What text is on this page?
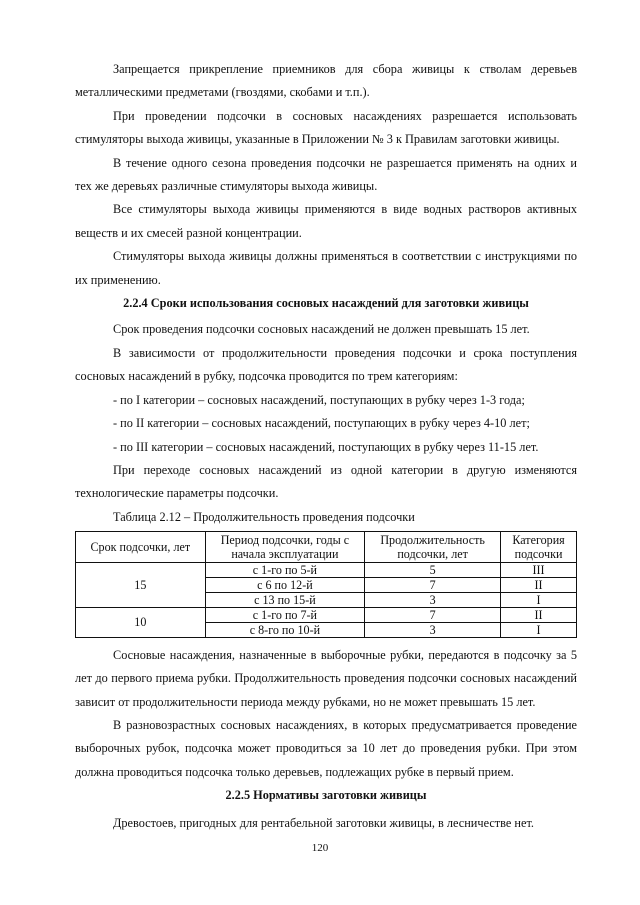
Запрещается прикрепление приемников для сбора живицы к стволам деревьев металлическими предметами (гвоздями, скобами и т.п.).

При проведении подсочки в сосновых насаждениях разрешается использовать стимуляторы выхода живицы, указанные в Приложении № 3 к Правилам заготовки живицы.

В течение одного сезона проведения подсочки не разрешается применять на одних и тех же деревьях различные стимуляторы выхода живицы.

Все стимуляторы выхода живицы применяются в виде водных растворов активных веществ и их смесей разной концентрации.

Стимуляторы выхода живицы должны применяться в соответствии с инструкциями по их применению.

2.2.4 Сроки использования сосновых насаждений для заготовки живицы

Срок проведения подсочки сосновых насаждений не должен превышать 15 лет.

В зависимости от продолжительности проведения подсочки и срока поступления сосновых насаждений в рубку, подсочка проводится по трем категориям:

- по I категории – сосновых насаждений, поступающих в рубку через 1-3 года;

- по II категории – сосновых насаждений, поступающих в рубку через 4-10 лет;

- по III категории – сосновых насаждений, поступающих в рубку через 11-15 лет.

При переходе сосновых насаждений из одной категории в другую изменяются технологические параметры подсочки.

Таблица 2.12 – Продолжительность проведения подсочки

Срок подсочки, лет	Период подсочки, годы с начала эксплуатации	Продолжительность подсочки, лет	Категория подсочки
15	с 1-го по 5-й	5	III
	с 6 по 12-й	7	II
	с 13 по 15-й	3	I
10	с 1-го по 7-й	7	II
	с 8-го по 10-й	3	I

Сосновые насаждения, назначенные в выборочные рубки, передаются в подсочку за 5 лет до первого приема рубки. Продолжительность проведения подсочки сосновых насаждений зависит от продолжительности периода между рубками, но не может превышать 15 лет.

В разновозрастных сосновых насаждениях, в которых предусматривается проведение выборочных рубок, подсочка может проводиться за 10 лет до проведения рубки. При этом должна проводиться подсочка только деревьев, подлежащих рубке в первый прием.

2.2.5 Нормативы заготовки живицы

Древостоев, пригодных для рентабельной заготовки живицы, в лесничестве нет.

120
